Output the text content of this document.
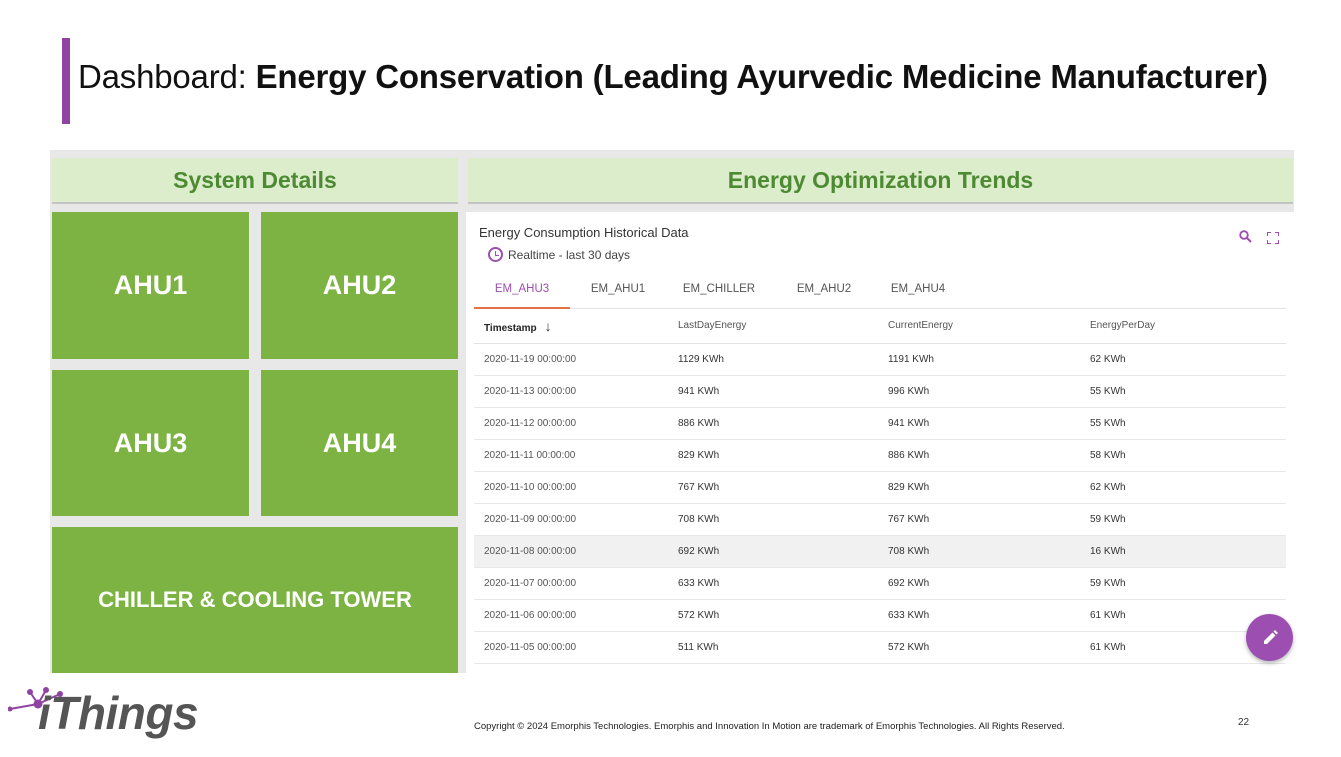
Dashboard: Energy Conservation (Leading Ayurvedic Medicine Manufacturer)
System Details	Energy Optimization Trends
AHU1	AHU2
AHU3	AHU4
CHILLER & COOLING TOWER
Energy Consumption Historical Data
Realtime - last 30 days
EM_AHU3	EM_AHU1	EM_CHILLER	EM_AHU2	EM_AHU4
Timestamp ↓	LastDayEnergy	CurrentEnergy	EnergyPerDay
2020-11-19 00:00:00	1129 KWh	1191 KWh	62 KWh
2020-11-13 00:00:00	941 KWh	996 KWh	55 KWh
2020-11-12 00:00:00	886 KWh	941 KWh	55 KWh
2020-11-11 00:00:00	829 KWh	886 KWh	58 KWh
2020-11-10 00:00:00	767 KWh	829 KWh	62 KWh
2020-11-09 00:00:00	708 KWh	767 KWh	59 KWh
2020-11-08 00:00:00	692 KWh	708 KWh	16 KWh
2020-11-07 00:00:00	633 KWh	692 KWh	59 KWh
2020-11-06 00:00:00	572 KWh	633 KWh	61 KWh
2020-11-05 00:00:00	511 KWh	572 KWh	61 KWh
iThings	Copyright © 2024 Emorphis Technologies. Emorphis and Innovation In Motion are trademark of Emorphis Technologies. All Rights Reserved.	22
